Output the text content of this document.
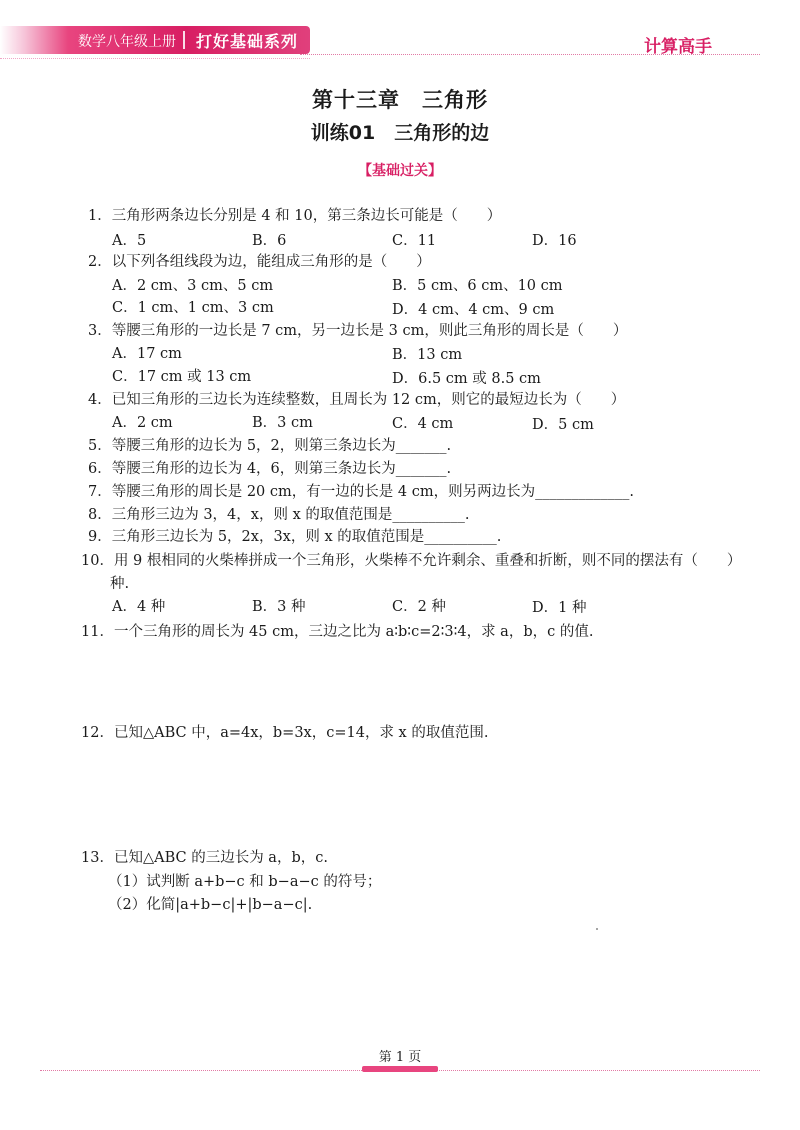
数学八年级上册 打好基础系列	计算高手
第十三章　三角形
训练01　三角形的边
【基础过关】
1．三角形两条边长分别是 4 和 10，第三条边长可能是（　　）
A．5	B．6	C．11	D．16
2．以下列各组线段为边，能组成三角形的是（　　）
A．2 cm、3 cm、5 cm	B．5 cm、6 cm、10 cm
C．1 cm、1 cm、3 cm	D．4 cm、4 cm、9 cm
3．等腰三角形的一边长是 7 cm，另一边长是 3 cm，则此三角形的周长是（　　）
A．17 cm	B．13 cm
C．17 cm 或 13 cm	D．6.5 cm 或 8.5 cm
4．已知三角形的三边长为连续整数，且周长为 12 cm，则它的最短边长为（　　）
A．2 cm	B．3 cm	C．4 cm	D．5 cm
5．等腰三角形的边长为 5，2，则第三条边长为_______.
6．等腰三角形的边长为 4，6，则第三条边长为_______.
7．等腰三角形的周长是 20 cm，有一边的长是 4 cm，则另两边长为_____________.
8．三角形三边为 3，4，x，则 x 的取值范围是__________.
9．三角形三边长为 5，2x，3x，则 x 的取值范围是__________.
10．用 9 根相同的火柴棒拼成一个三角形，火柴棒不允许剩余、重叠和折断，则不同的摆法有（　　）
种.
A．4 种	B．3 种	C．2 种	D．1 种
11．一个三角形的周长为 45 cm，三边之比为 a∶b∶c=2∶3∶4，求 a，b，c 的值.
12．已知△ABC 中，a=4x，b=3x，c=14，求 x 的取值范围.
13．已知△ABC 的三边长为 a，b，c.
（1）试判断 a+b−c 和 b−a−c 的符号；
（2）化简|a+b−c|+|b−a−c|.
第 1 页
